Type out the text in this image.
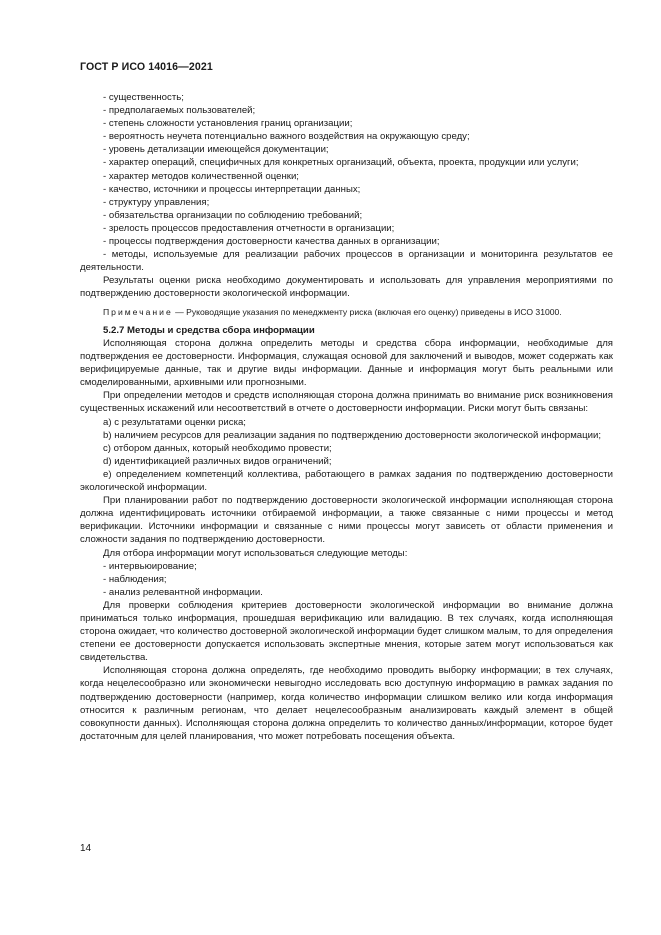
ГОСТ Р ИСО 14016—2021

- существенность;

- предполагаемых пользователей;

- степень сложности установления границ организации;

- вероятность неучета потенциально важного воздействия на окружающую среду;

- уровень детализации имеющейся документации;

- характер операций, специфичных для конкретных организаций, объекта, проекта, продукции или услуги;

- характер методов количественной оценки;

- качество, источники и процессы интерпретации данных;

- структуру управления;

- обязательства организации по соблюдению требований;

- зрелость процессов предоставления отчетности в организации;

- процессы подтверждения достоверности качества данных в организации;

- методы, используемые для реализации рабочих процессов в организации и мониторинга результатов ее деятельности.

Результаты оценки риска необходимо документировать и использовать для управления мероприятиями по подтверждению достоверности экологической информации.

Примечание — Руководящие указания по менеджменту риска (включая его оценку) приведены в ИСО 31000.

5.2.7 Методы и средства сбора информации

Исполняющая сторона должна определить методы и средства сбора информации, необходимые для подтверждения ее достоверности. Информация, служащая основой для заключений и выводов, может содержать как верифицируемые данные, так и другие виды информации. Данные и информация могут быть реальными или смоделированными, архивными или прогнозными.

При определении методов и средств исполняющая сторона должна принимать во внимание риск возникновения существенных искажений или несоответствий в отчете о достоверности информации. Риски могут быть связаны:

a) с результатами оценки риска;

b) наличием ресурсов для реализации задания по подтверждению достоверности экологической информации;

c) отбором данных, который необходимо провести;

d) идентификацией различных видов ограничений;

e) определением компетенций коллектива, работающего в рамках задания по подтверждению достоверности экологической информации.

При планировании работ по подтверждению достоверности экологической информации исполняющая сторона должна идентифицировать источники отбираемой информации, а также связанные с ними процессы и метод верификации. Источники информации и связанные с ними процессы могут зависеть от области применения и сложности задания по подтверждению достоверности.

Для отбора информации могут использоваться следующие методы:

- интервьюирование;

- наблюдения;

- анализ релевантной информации.

Для проверки соблюдения критериев достоверности экологической информации во внимание должна приниматься только информация, прошедшая верификацию или валидацию. В тех случаях, когда исполняющая сторона ожидает, что количество достоверной экологической информации будет слишком малым, то для определения степени ее достоверности допускается использовать экспертные мнения, которые затем могут использоваться как свидетельства.

Исполняющая сторона должна определять, где необходимо проводить выборку информации; в тех случаях, когда нецелесообразно или экономически невыгодно исследовать всю доступную информацию в рамках задания по подтверждению достоверности (например, когда количество информации слишком велико или когда информация относится к различным регионам, что делает нецелесообразным анализировать каждый элемент в общей совокупности данных). Исполняющая сторона должна определить то количество данных/информации, которое будет достаточным для целей планирования, что может потребовать посещения объекта.

14
